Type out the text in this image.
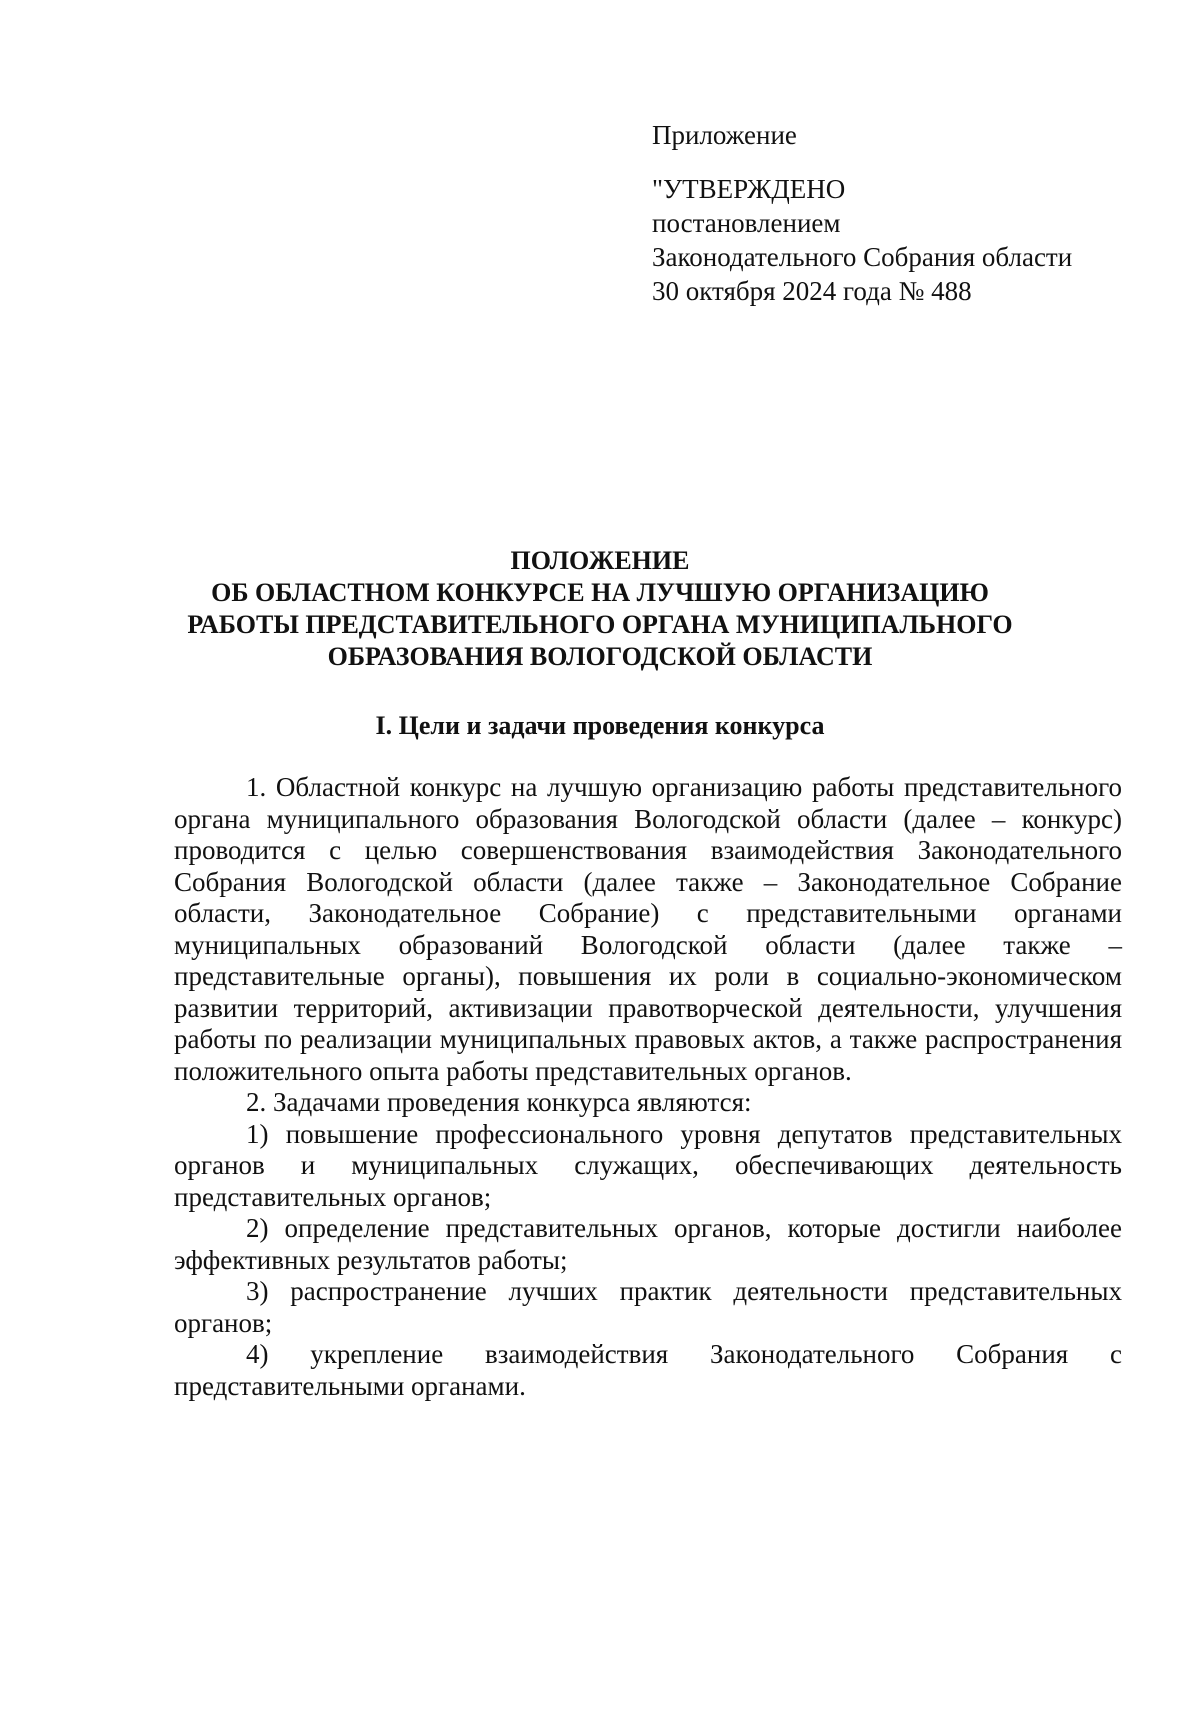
Приложение
"УТВЕРЖДЕНО
постановлением
Законодательного Собрания области
30 октября 2024 года № 488
ПОЛОЖЕНИЕ
ОБ ОБЛАСТНОМ КОНКУРСЕ НА ЛУЧШУЮ ОРГАНИЗАЦИЮ
РАБОТЫ ПРЕДСТАВИТЕЛЬНОГО ОРГАНА МУНИЦИПАЛЬНОГО
ОБРАЗОВАНИЯ ВОЛОГОДСКОЙ ОБЛАСТИ
I. Цели и задачи проведения конкурса

1. Областной конкурс на лучшую организацию работы представительного органа муниципального образования Вологодской области (далее – конкурс) проводится с целью совершенствования взаимодействия Законодательного Собрания Вологодской области (далее также – Законодательное Собрание области, Законодательное Собрание) с представительными органами муниципальных образований Вологодской области (далее также – представительные органы), повышения их роли в социально-экономическом развитии территорий, активизации правотворческой деятельности, улучшения работы по реализации муниципальных правовых актов, а также распространения положительного опыта работы представительных органов.

2. Задачами проведения конкурса являются:

1) повышение профессионального уровня депутатов представительных органов и муниципальных служащих, обеспечивающих деятельность представительных органов;

2) определение представительных органов, которые достигли наиболее эффективных результатов работы;

3) распространение лучших практик деятельности представительных органов;

4) укрепление взаимодействия Законодательного Собрания с представительными органами.
